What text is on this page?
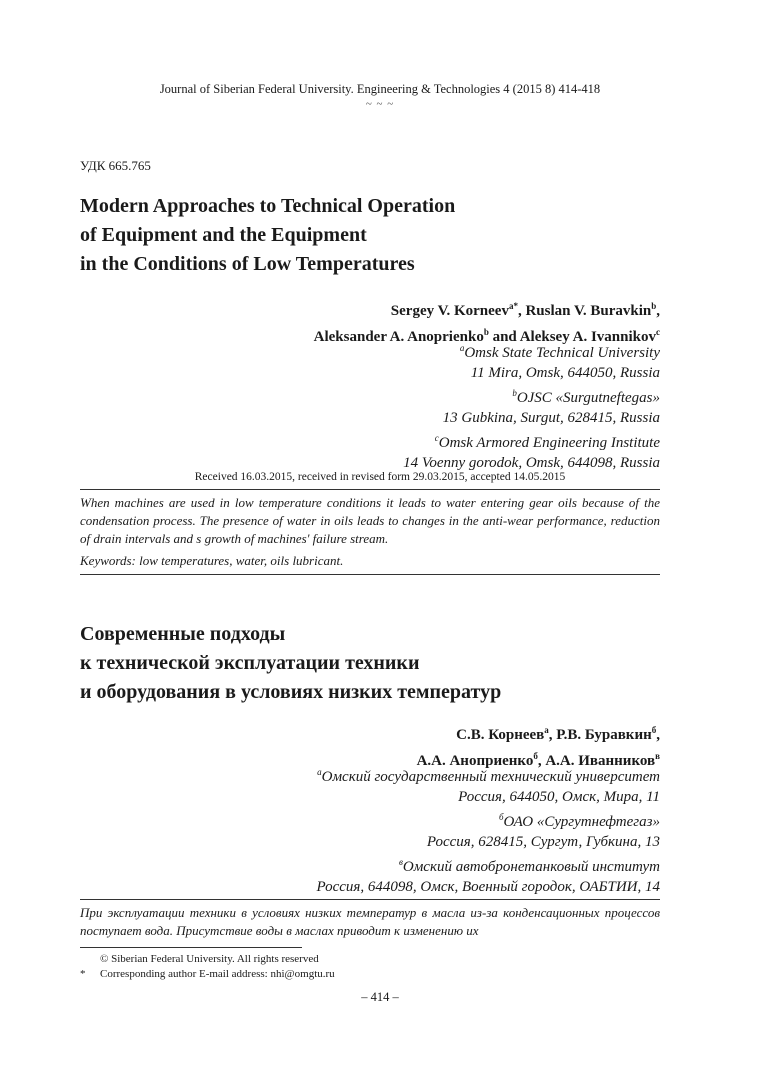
Journal of Siberian Federal University. Engineering & Technologies 4 (2015 8) 414-418
~ ~ ~
УДК 665.765
Modern Approaches to Technical Operation
of Equipment and the Equipment
in the Conditions of Low Temperatures
Sergey V. Korneev$^{a*}$, Ruslan V. Buravkin$^b$,
Aleksander A. Anoprienko$^b$ and Aleksey A. Ivannikov$^c$
$^a$Omsk State Technical University
11 Mira, Omsk, 644050, Russia
$^b$OJSC «Surgutneftegas»
13 Gubkina, Surgut, 628415, Russia
$^c$Omsk Armored Engineering Institute
14 Voenny gorodok, Omsk, 644098, Russia
Received 16.03.2015, received in revised form 29.03.2015, accepted 14.05.2015
When machines are used in low temperature conditions it leads to water entering gear oils because of the condensation process. The presence of water in oils leads to changes in the anti-wear performance, reduction of drain intervals and s growth of machines' failure stream.
Keywords: low temperatures, water, oils lubricant.
Современные подходы
к технической эксплуатации техники
и оборудования в условиях низких температур
С.В. Корнеев$^а$, Р.В. Буравкин$^б$,
А.А. Аноприенко$^б$, А.А. Иванников$^в$
$^а$Омский государственный технический университет
Россия, 644050, Омск, Мира, 11
$^б$ОАО «Сургутнефтегаз»
Россия, 628415, Сургут, Губкина, 13
$^в$Омский автобронетанковый институт
Россия, 644098, Омск, Военный городок, ОАБТИИ, 14
При эксплуатации техники в условиях низких температур в масла из-за конденсационных процессов поступает вода. Присутствие воды в маслах приводит к изменению их
© Siberian Federal University. All rights reserved
*	Corresponding author E-mail address: nhi@omgtu.ru
– 414 –
